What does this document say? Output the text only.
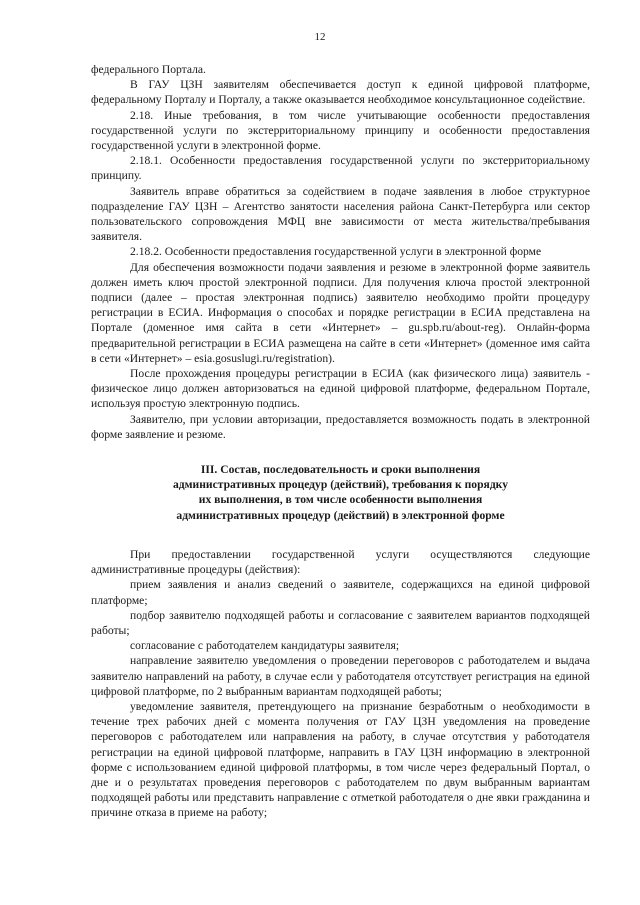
12

федерального Портала.

В ГАУ ЦЗН заявителям обеспечивается доступ к единой цифровой платформе, федеральному Порталу и Порталу, а также оказывается необходимое консультационное содействие.

2.18. Иные требования, в том числе учитывающие особенности предоставления государственной услуги по экстерриториальному принципу и особенности предоставления государственной услуги в электронной форме.

2.18.1. Особенности предоставления государственной услуги по экстерриториальному принципу.

Заявитель вправе обратиться за содействием в подаче заявления в любое структурное подразделение ГАУ ЦЗН – Агентство занятости населения района Санкт-Петербурга или сектор пользовательского сопровождения МФЦ вне зависимости от места жительства/пребывания заявителя.

2.18.2. Особенности предоставления государственной услуги в электронной форме

Для обеспечения возможности подачи заявления и резюме в электронной форме заявитель должен иметь ключ простой электронной подписи. Для получения ключа простой электронной подписи (далее – простая электронная подпись) заявителю необходимо пройти процедуру регистрации в ЕСИА. Информация о способах и порядке регистрации в ЕСИА представлена на Портале (доменное имя сайта в сети «Интернет» – gu.spb.ru/about-reg). Онлайн-форма предварительной регистрации в ЕСИА размещена на сайте в сети «Интернет» (доменное имя сайта в сети «Интернет» – esia.gosuslugi.ru/registration).

После прохождения процедуры регистрации в ЕСИА (как физического лица) заявитель - физическое лицо должен авторизоваться на единой цифровой платформе, федеральном Портале, используя простую электронную подпись.

Заявителю, при условии авторизации, предоставляется возможность подать в электронной форме заявление и резюме.

III. Состав, последовательность и сроки выполнения
административных процедур (действий), требования к порядку
их выполнения, в том числе особенности выполнения
административных процедур (действий) в электронной форме

При предоставлении государственной услуги осуществляются следующие административные процедуры (действия):

прием заявления и анализ сведений о заявителе, содержащихся на единой цифровой платформе;

подбор заявителю подходящей работы и согласование с заявителем вариантов подходящей работы;

согласование с работодателем кандидатуры заявителя;

направление заявителю уведомления о проведении переговоров с работодателем и выдача заявителю направлений на работу, в случае если у работодателя отсутствует регистрация на единой цифровой платформе, по 2 выбранным вариантам подходящей работы;

уведомление заявителя, претендующего на признание безработным о необходимости в течение трех рабочих дней с момента получения от ГАУ ЦЗН уведомления на проведение переговоров с работодателем или направления на работу, в случае отсутствия у работодателя регистрации на единой цифровой платформе, направить в ГАУ ЦЗН информацию в электронной форме с использованием единой цифровой платформы, в том числе через федеральный Портал, о дне и о результатах проведения переговоров с работодателем по двум выбранным вариантам подходящей работы или представить направление с отметкой работодателя о дне явки гражданина и причине отказа в приеме на работу;
